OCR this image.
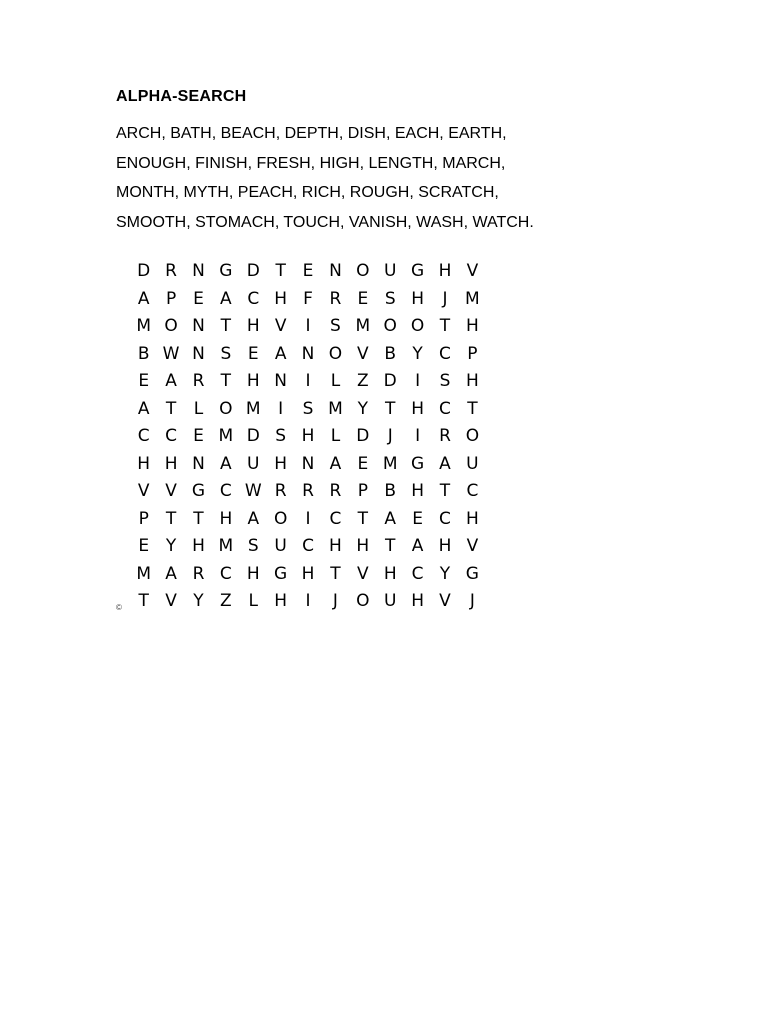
ALPHA-SEARCH
ARCH, BATH, BEACH, DEPTH, DISH, EACH, EARTH,
ENOUGH, FINISH, FRESH, HIGH, LENGTH, MARCH,
MONTH, MYTH, PEACH, RICH, ROUGH, SCRATCH,
SMOOTH, STOMACH, TOUCH, VANISH, WASH, WATCH.
D R N G D T E N O U G H V
A P E A C H F R E S H	J	M
M O N T H V	I	S M O O T H
B W N S E A N O V B Y C P
E A R T H N	I	L Z D	I	S H
A T	L O M	I	S M Y	T H C T
C C E M D S H L D	J	I	R O
H H N A U H N A E M G A U
V V G C W R R R P B H T C
P	T	T H A O	I	C T A E C H
E Y H M S U C H H T A H V
M A R C H G H T V H C Y G
T V Y Z L H	I	J	O U H V	J
©
